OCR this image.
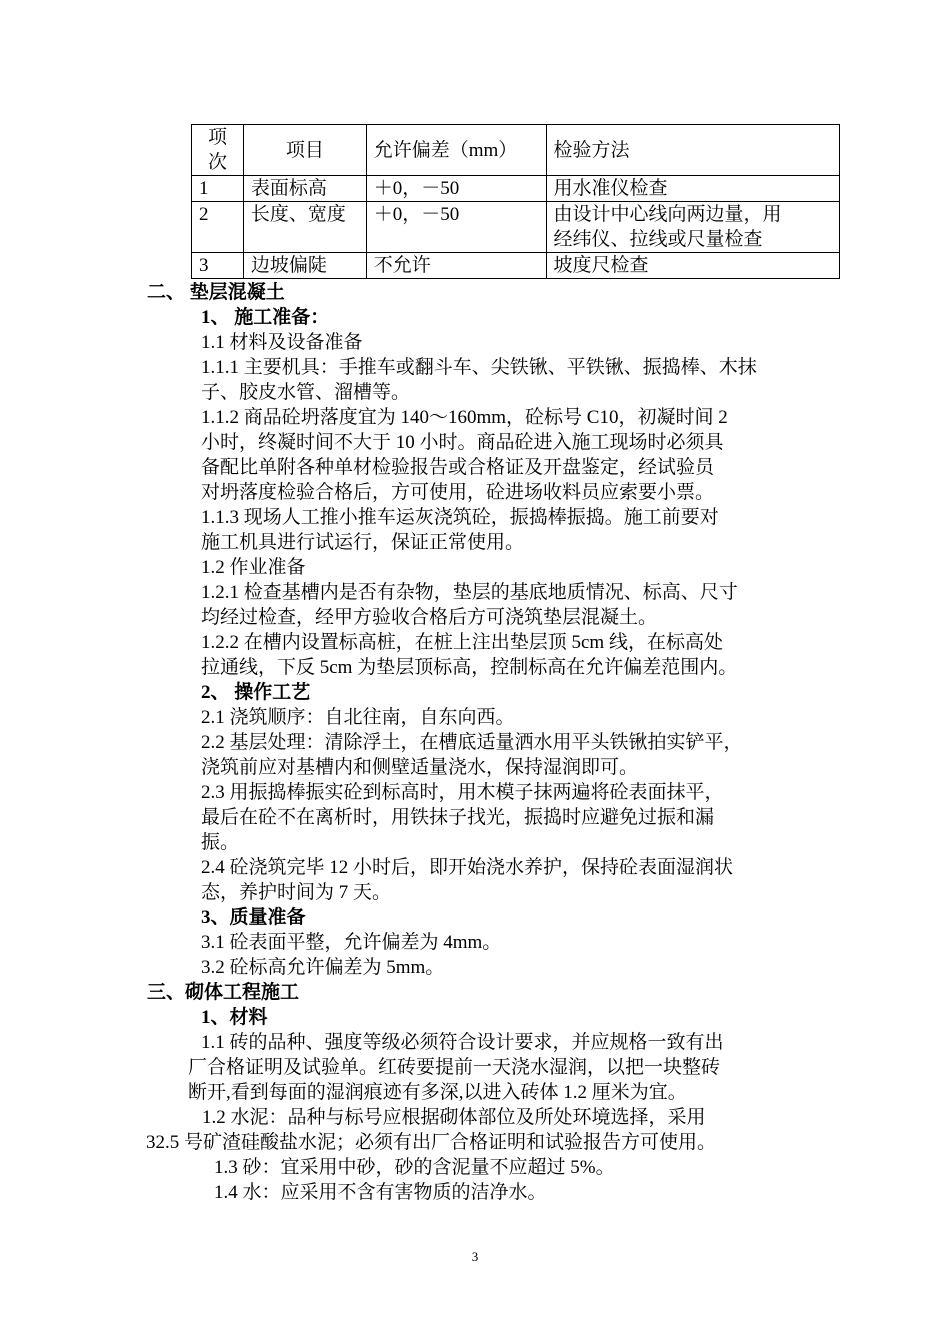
项
次	项目	允许偏差（mm）	检验方法
1	表面标高	＋0，－50	用水准仪检查
2	长度、宽度	＋0，－50	由设计中心线向两边量，用
经纬仪、拉线或尺量检查

3	边坡偏陡	不允许	坡度尺检查
二、 垫层混凝土
1、 施工准备：
1.1 材料及设备准备
1.1.1 主要机具：手推车或翻斗车、尖铁锹、平铁锹、振捣棒、木抹
子、胶皮水管、溜槽等。
1.1.2 商品砼坍落度宜为 140～160mm，砼标号 C10，初凝时间 2
小时，终凝时间不大于 10 小时。商品砼进入施工现场时必须具
备配比单附各种单材检验报告或合格证及开盘鉴定，经试验员
对坍落度检验合格后，方可使用，砼进场收料员应索要小票。
1.1.3 现场人工推小推车运灰浇筑砼，振捣棒振捣。施工前要对
施工机具进行试运行，保证正常使用。
1.2 作业准备
1.2.1 检查基槽内是否有杂物，垫层的基底地质情况、标高、尺寸
均经过检查，经甲方验收合格后方可浇筑垫层混凝土。
1.2.2 在槽内设置标高桩，在桩上注出垫层顶 5cm 线，在标高处
拉通线，下反 5cm 为垫层顶标高，控制标高在允许偏差范围内。
2、 操作工艺
2.1 浇筑顺序：自北往南，自东向西。
2.2 基层处理：清除浮土，在槽底适量洒水用平头铁锹拍实铲平，
浇筑前应对基槽内和侧壁适量浇水，保持湿润即可。
2.3 用振捣棒振实砼到标高时，用木模子抹两遍将砼表面抹平，
最后在砼不在离析时，用铁抹子找光，振捣时应避免过振和漏
振。
2.4 砼浇筑完毕 12 小时后，即开始浇水养护，保持砼表面湿润状
态，养护时间为 7 天。
3、质量准备
3.1 砼表面平整，允许偏差为 4mm。
3.2 砼标高允许偏差为 5mm。
三、砌体工程施工
1、材料
1.1 砖的品种、强度等级必须符合设计要求，并应规格一致有出
厂合格证明及试验单。红砖要提前一天浇水湿润，以把一块整砖
断开,看到每面的湿润痕迹有多深,以进入砖体 1.2 厘米为宜。
1.2 水泥：品种与标号应根据砌体部位及所处环境选择，采用
32.5 号矿渣硅酸盐水泥；必须有出厂合格证明和试验报告方可使用。
1.3 砂：宜采用中砂，砂的含泥量不应超过 5%。
1.4 水：应采用不含有害物质的洁净水。
3
